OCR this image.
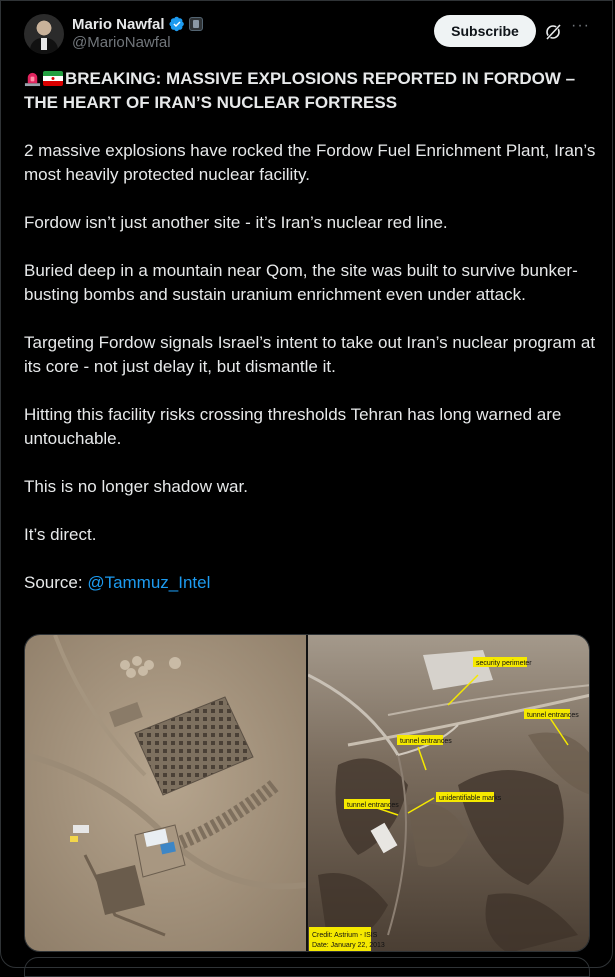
Mario Nawfal
@MarioNawfal
Subscribe	···
BREAKING: MASSIVE EXPLOSIONS REPORTED IN FORDOW – THE HEART OF IRAN’S NUCLEAR FORTRESS
2 massive explosions have rocked the Fordow Fuel Enrichment Plant, Iran’s most heavily protected nuclear facility.
Fordow isn’t just another site - it’s Iran’s nuclear red line.
Buried deep in a mountain near Qom, the site was built to survive bunker-busting bombs and sustain uranium enrichment even under attack.
Targeting Fordow signals Israel’s intent to take out Iran’s nuclear program at its core - not just delay it, but dismantle it.
Hitting this facility risks crossing thresholds Tehran has long warned are untouchable.
This is no longer shadow war.
It’s direct.
Source: @Tammuz_Intel
security perimeter
tunnel entrances
tunnel entrances
unidentifiable marks
tunnel entrances
Credit: Astrium - ISIS
Date: January 22, 2013
